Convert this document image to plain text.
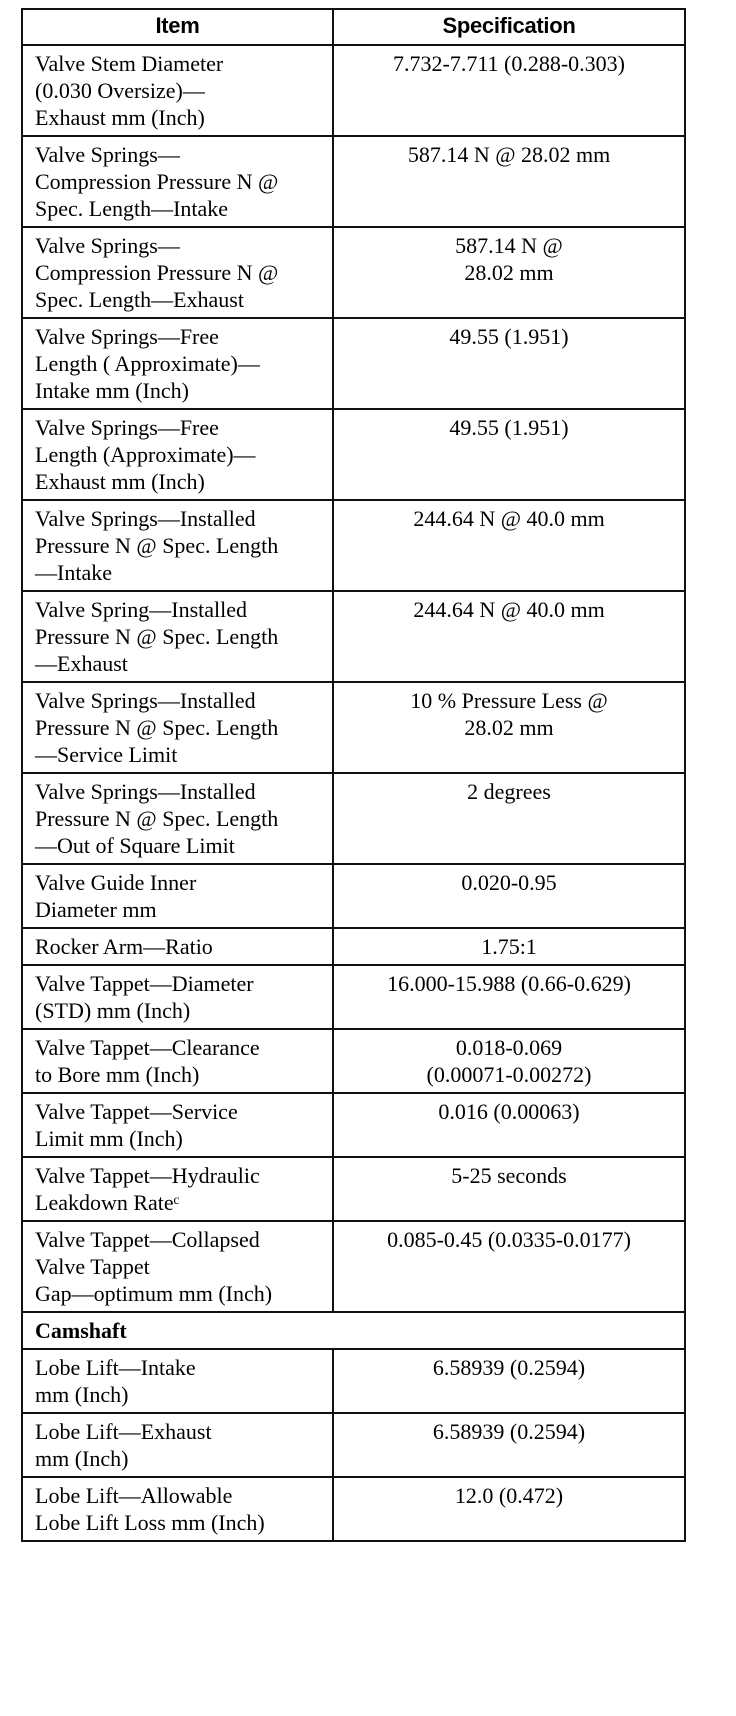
Item	Specification
Valve Stem Diameter
(0.030 Oversize)—
Exhaust mm (Inch)	7.732-7.711 (0.288-0.303)
Valve Springs—
Compression Pressure N @
Spec. Length—Intake	587.14 N @ 28.02 mm
Valve Springs—
Compression Pressure N @
Spec. Length—Exhaust	587.14 N @
28.02 mm
Valve Springs—Free
Length ( Approximate)—
Intake mm (Inch)	49.55 (1.951)
Valve Springs—Free
Length (Approximate)—
Exhaust mm (Inch)	49.55 (1.951)
Valve Springs—Installed
Pressure N @ Spec. Length
—Intake	244.64 N @ 40.0 mm
Valve Spring—Installed
Pressure N @ Spec. Length
—Exhaust	244.64 N @ 40.0 mm
Valve Springs—Installed
Pressure N @ Spec. Length
—Service Limit	10 % Pressure Less @
28.02 mm
Valve Springs—Installed
Pressure N @ Spec. Length
—Out of Square Limit	2 degrees
Valve Guide Inner
Diameter mm	0.020-0.95
Rocker Arm—Ratio	1.75:1
Valve Tappet—Diameter
(STD) mm (Inch)	16.000-15.988 (0.66-0.629)
Valve Tappet—Clearance
to Bore mm (Inch)	0.018-0.069
(0.00071-0.00272)
Valve Tappet—Service
Limit mm (Inch)	0.016 (0.00063)
Valve Tappet—Hydraulic
Leakdown Rateᶜ	5-25 seconds
Valve Tappet—Collapsed
Valve Tappet
Gap—optimum mm (Inch)	0.085-0.45 (0.0335-0.0177)
Camshaft	
Lobe Lift—Intake
mm (Inch)	6.58939 (0.2594)
Lobe Lift—Exhaust
mm (Inch)	6.58939 (0.2594)
Lobe Lift—Allowable
Lobe Lift Loss mm (Inch)	12.0 (0.472)
